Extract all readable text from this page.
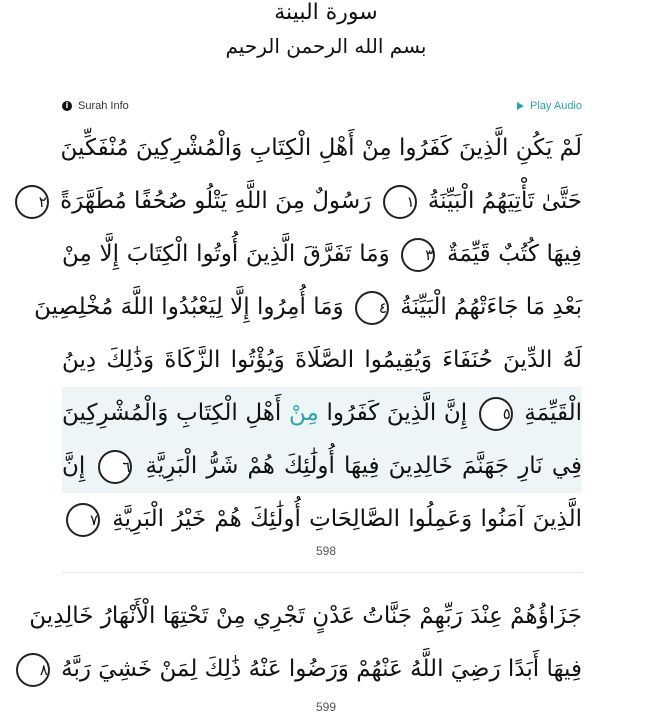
سورة البينة
بسم الله الرحمن الرحيم
i Surah Info	Play Audio
لَمْ يَكُنِ الَّذِينَ كَفَرُوا مِنْ أَهْلِ الْكِتَابِ وَالْمُشْرِكِينَ مُنْفَكِّينَ
حَتَّىٰ تَأْتِيَهُمُ الْبَيِّنَةُ ١ رَسُولٌ مِنَ اللَّهِ يَتْلُو صُحُفًا مُطَهَّرَةً ٢
فِيهَا كُتُبٌ قَيِّمَةٌ ٣ وَمَا تَفَرَّقَ الَّذِينَ أُوتُوا الْكِتَابَ إِلَّا مِنْ
بَعْدِ مَا جَاءَتْهُمُ الْبَيِّنَةُ ٤ وَمَا أُمِرُوا إِلَّا لِيَعْبُدُوا اللَّهَ مُخْلِصِينَ
لَهُ الدِّينَ حُنَفَاءَ وَيُقِيمُوا الصَّلَاةَ وَيُؤْتُوا الزَّكَاةَ وَذَٰلِكَ دِينُ
الْقَيِّمَةِ ٥ إِنَّ الَّذِينَ كَفَرُوا مِنْ أَهْلِ الْكِتَابِ وَالْمُشْرِكِينَ
فِي نَارِ جَهَنَّمَ خَالِدِينَ فِيهَا أُولَٰئِكَ هُمْ شَرُّ الْبَرِيَّةِ ٦ إِنَّ
الَّذِينَ آمَنُوا وَعَمِلُوا الصَّالِحَاتِ أُولَٰئِكَ هُمْ خَيْرُ الْبَرِيَّةِ ٧
598
جَزَاؤُهُمْ عِنْدَ رَبِّهِمْ جَنَّاتُ عَدْنٍ تَجْرِي مِنْ تَحْتِهَا الْأَنْهَارُ خَالِدِينَ
فِيهَا أَبَدًا رَضِيَ اللَّهُ عَنْهُمْ وَرَضُوا عَنْهُ ذَٰلِكَ لِمَنْ خَشِيَ رَبَّهُ ٨
599
